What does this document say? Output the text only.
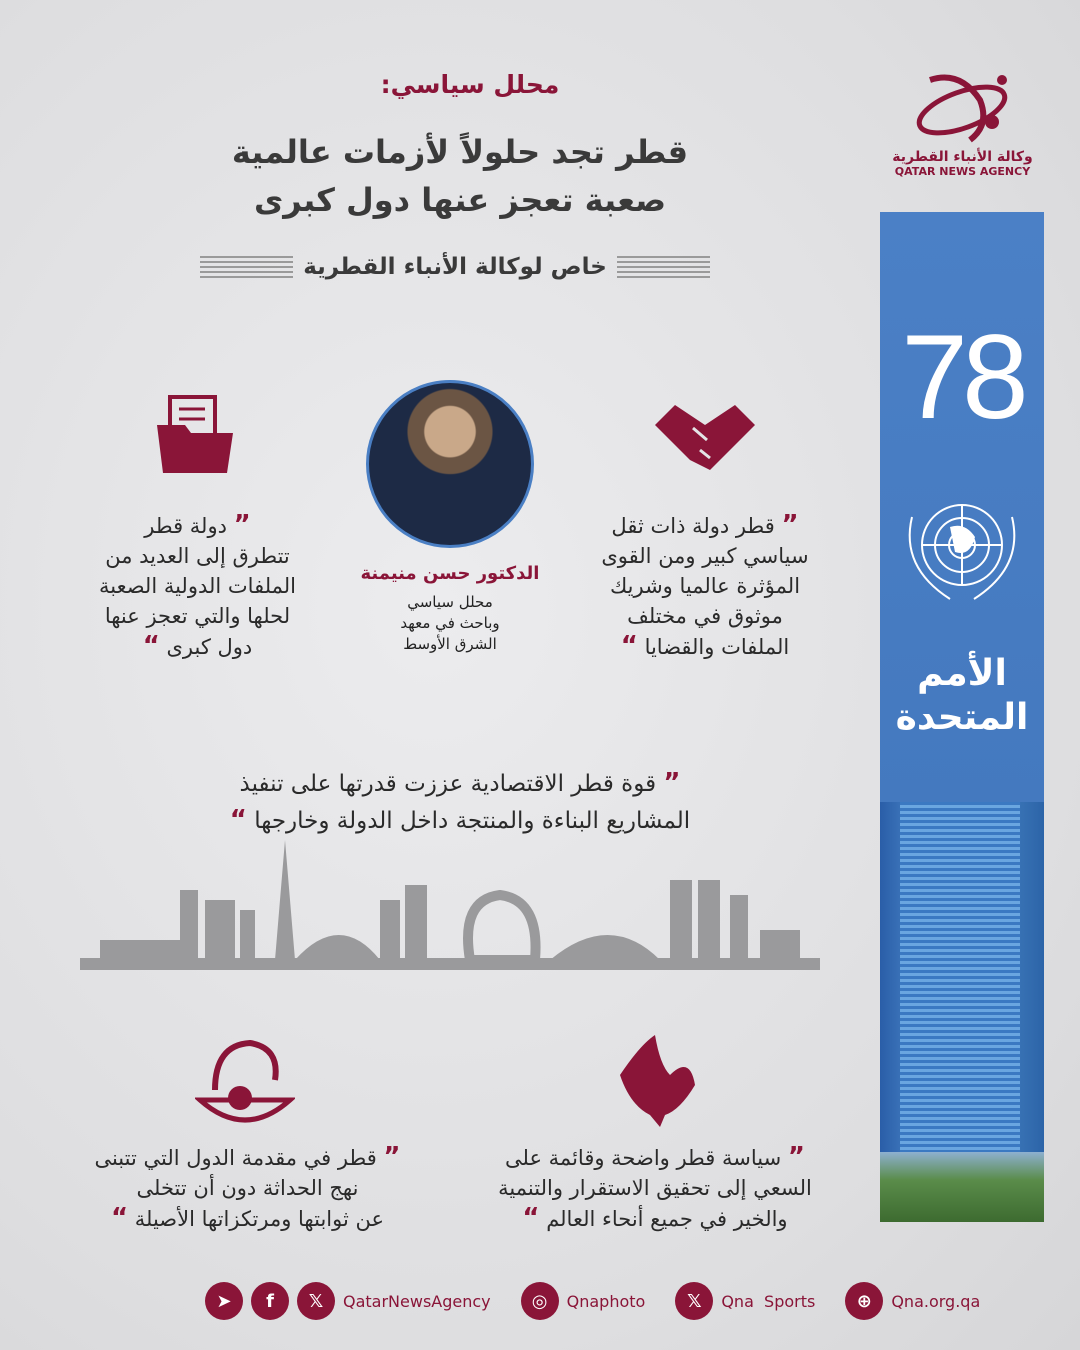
وكالة الأنباء القطرية
QATAR NEWS AGENCY
محلل سياسي:
قطر تجد حلولاً لأزمات عالمية
صعبة تعجز عنها دول كبرى
خاص لوكالة الأنباء القطرية
الدكتور حسن منيمنة
محلل سياسي
وباحث في معهد
الشرق الأوسط
” قطر دولة ذات ثقل
سياسي كبير ومن القوى
المؤثرة عالميا وشريك
موثوق في مختلف
الملفات والقضايا “
” دولة قطر
تتطرق إلى العديد من
الملفات الدولية الصعبة
لحلها والتي تعجز عنها
دول كبرى “
” قوة قطر الاقتصادية عززت قدرتها على تنفيذ
المشاريع البناءة والمنتجة داخل الدولة وخارجها “
” سياسة قطر واضحة وقائمة على
السعي إلى تحقيق الاستقرار والتنمية
والخير في جميع أنحاء العالم “
” قطر في مقدمة الدول التي تتبنى
نهج الحداثة دون أن تتخلى
عن ثوابتها ومرتكزاتها الأصيلة “
78
الأمم
المتحدة
➤	f	𝕏	QatarNewsAgency	◎	Qnaphoto	𝕏	Qna  Sports	⊕	Qna.org.qa
